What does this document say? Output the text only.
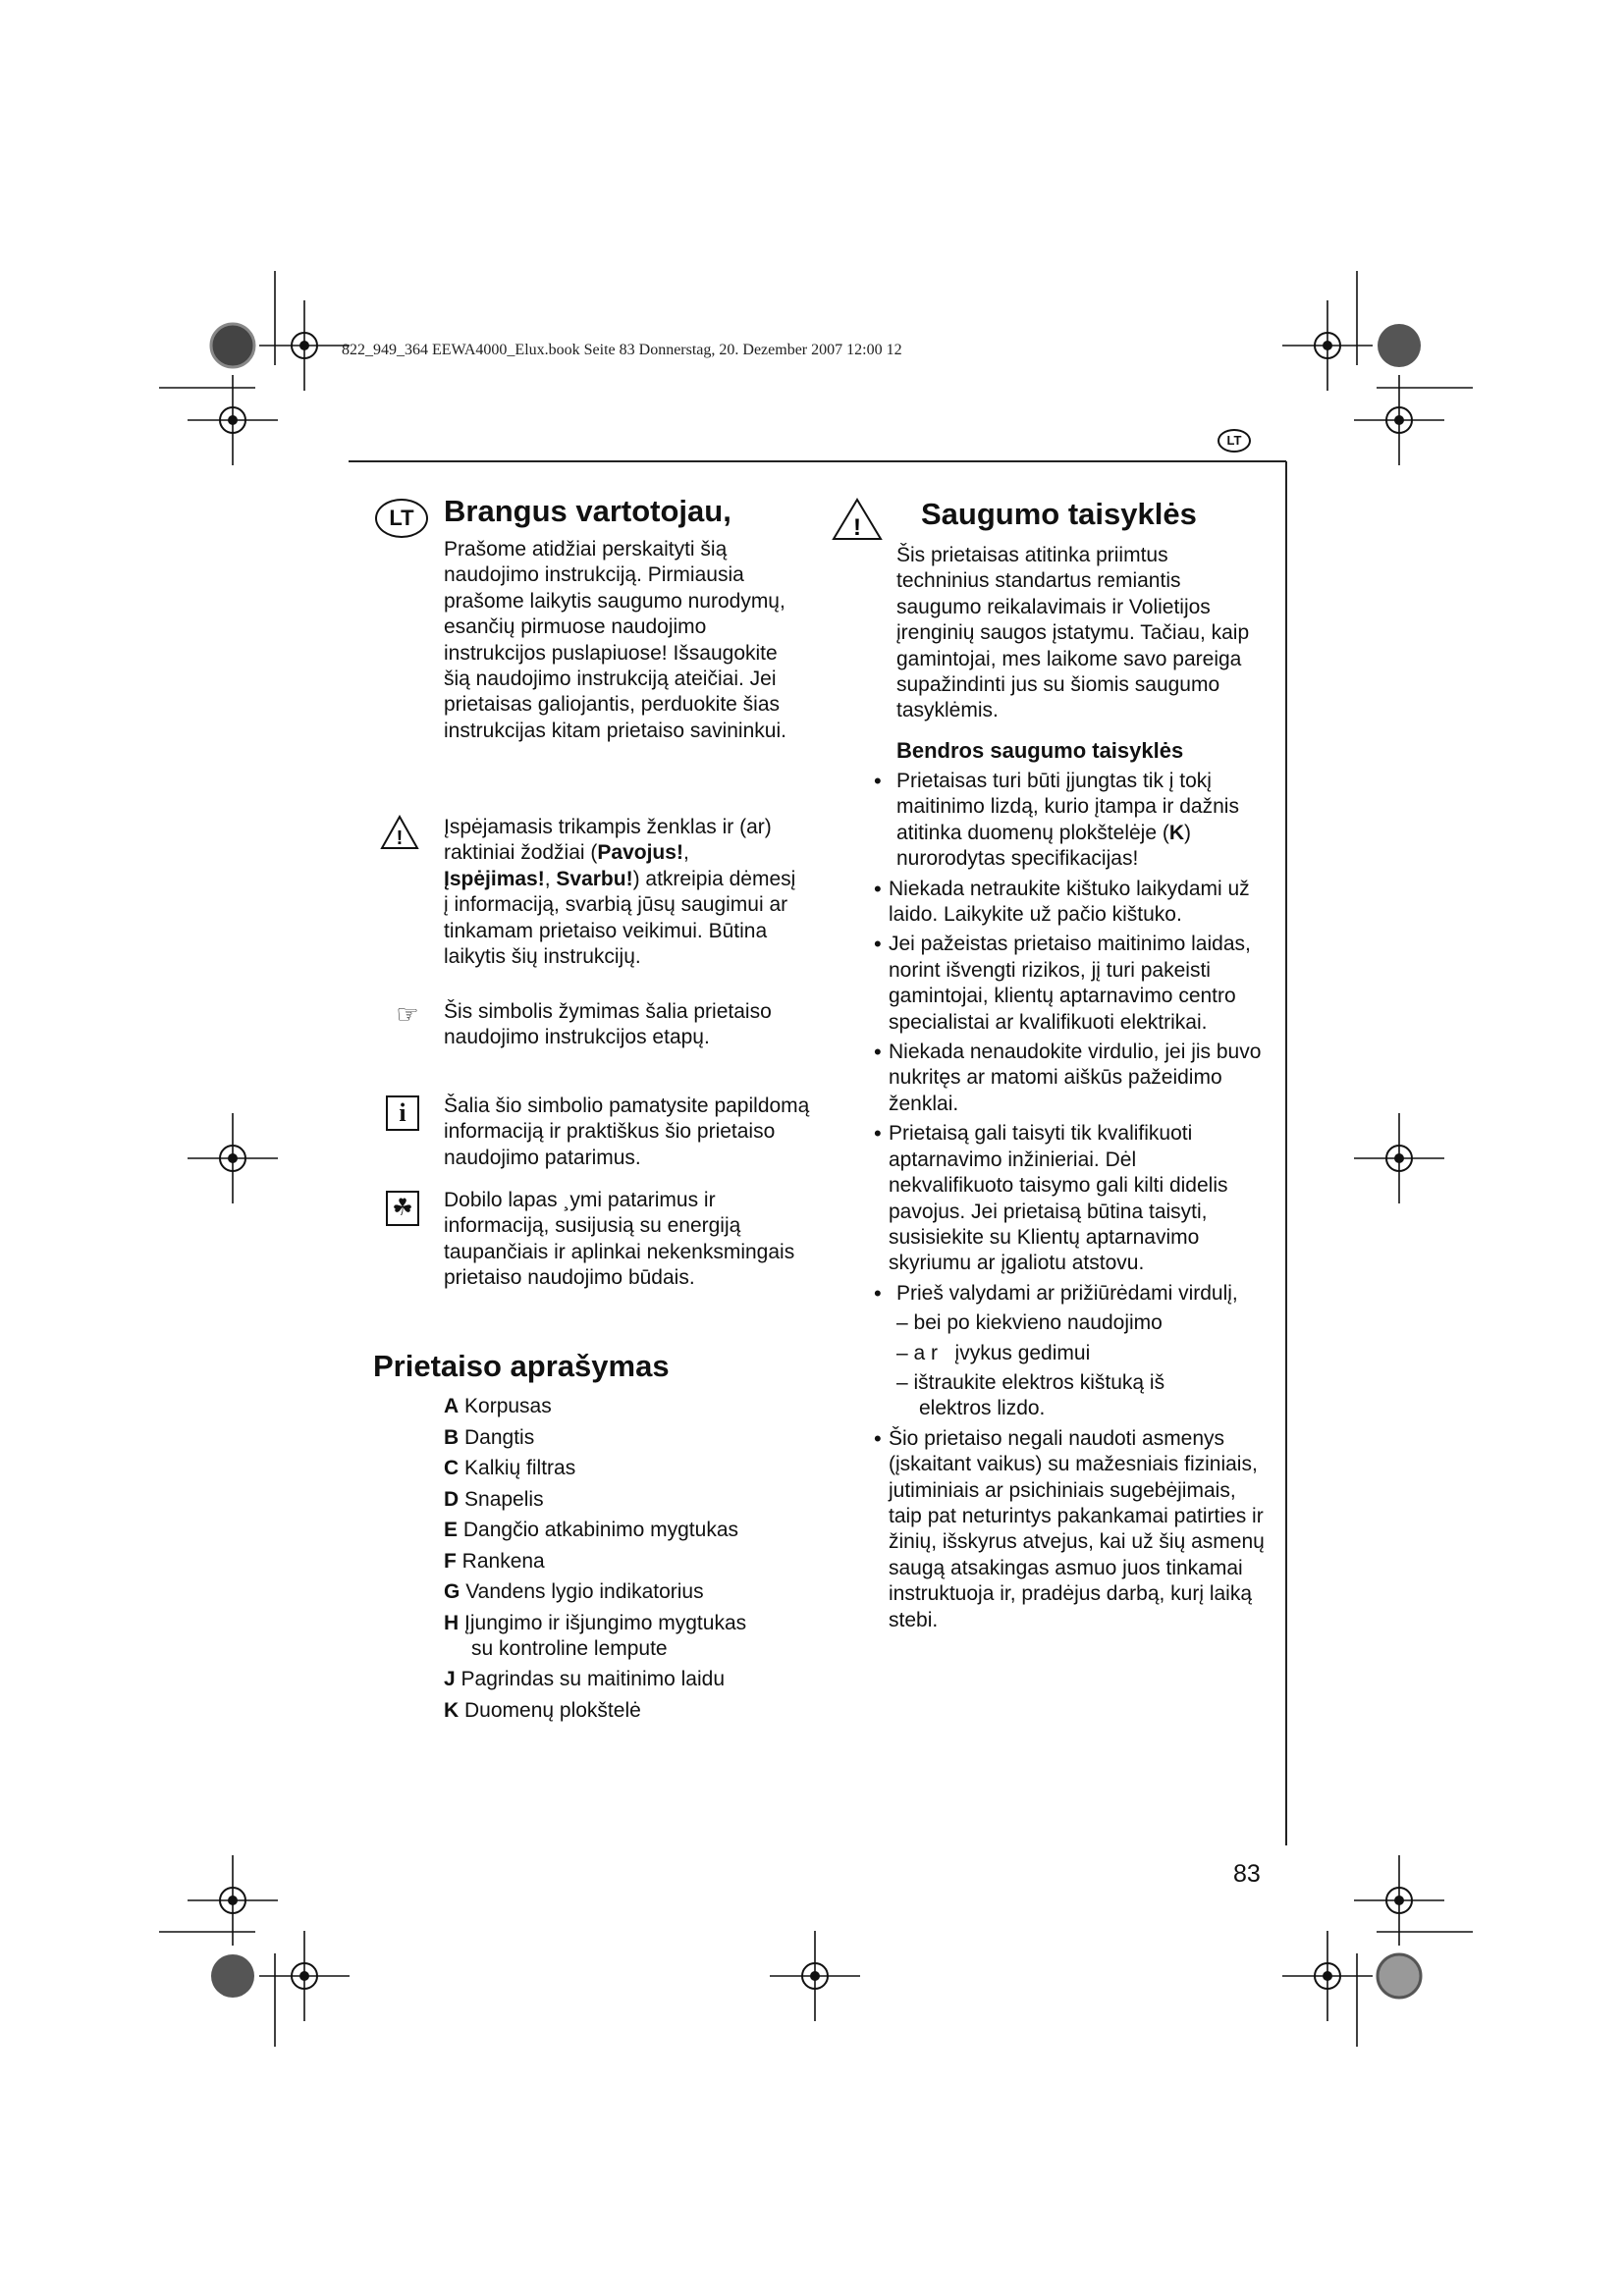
822_949_364 EEWA4000_Elux.book Seite 83 Donnerstag, 20. Dezember 2007 12:00 12
LT
LT Brangus vartotojau,
Prašome atidžiai perskaityti šią naudojimo instrukciją. Pirmiausia prašome laikytis saugumo nurodymų, esančių pirmuose naudojimo instrukcijos puslapiuose! Išsaugokite šią naudojimo instrukciją ateičiai. Jei prietaisas galiojantis, perduokite šias instrukcijas kitam prietaiso savininkui.
! Įspėjamasis trikampis ženklas ir (ar) raktiniai žodžiai (Pavojus!, Įspėjimas!, Svarbu!) atkreipia dėmesį į informaciją, svarbią jūsų saugimui ar tinkamam prietaiso veikimui. Būtina laikytis šių instrukcijų.
☞	Šis simbolis žymimas šalia prietaiso naudojimo instrukcijos etapų.
i	Šalia šio simbolio pamatysite papildomą informaciją ir praktiškus šio prietaiso naudojimo patarimus.
☘ Dobilo lapas ¸ymi patarimus ir informaciją, susijusią su energiją taupančiais ir aplinkai nekenksmingais prietaiso naudojimo būdais.
Prietaiso aprašymas
A Korpusas
B Dangtis
C Kalkių filtras
D Snapelis
E Dangčio atkabinimo mygtukas
F Rankena
G Vandens lygio indikatorius
H Įjungimo ir išjungimo mygtukas
su kontroline lempute
J Pagrindas su maitinimo laidu
K Duomenų plokštelė
! Saugumo taisyklės
Šis prietaisas atitinka priimtus techninius standartus remiantis saugumo reikalavimais ir Volietijos įrenginių saugos įstatymu. Tačiau, kaip gamintojai, mes laikome savo pareiga supažindinti jus su šiomis saugumo tasyklėmis.
Bendros saugumo taisyklės
• Prietaisas turi būti įjungtas tik į tokį maitinimo lizdą, kurio įtampa ir dažnis atitinka duomenų plokštelėje (K) nurorodytas specifikacijas!
• Niekada netraukite kištuko laikydami už laido. Laikykite už pačio kištuko.
• Jei pažeistas prietaiso maitinimo laidas, norint išvengti rizikos, jį turi pakeisti gamintojai, klientų aptarnavimo centro specialistai ar kvalifikuoti elektrikai.
• Niekada nenaudokite virdulio, jei jis buvo nukritęs ar matomi aiškūs pažeidimo ženklai.
• Prietaisą gali taisyti tik kvalifikuoti aptarnavimo inžinieriai. Dėl nekvalifikuoto taisymo gali kilti didelis pavojus. Jei prietaisą būtina taisyti, susisiekite su Klientų aptarnavimo skyriumu ar įgaliotu atstovu.
• Prieš valydami ar prižiūrėdami virdulį,
– bei po kiekvieno naudojimo
– a r   įvykus gedimui
– ištraukite elektros kištuką iš
elektros lizdo.
• Šio prietaiso negali naudoti asmenys (įskaitant vaikus) su mažesniais fiziniais, jutiminiais ar psichiniais sugebėjimais, taip pat neturintys pakankamai patirties ir žinių, išskyrus atvejus, kai už šių asmenų saugą atsakingas asmuo juos tinkamai instruktuoja ir, pradėjus darbą, kurį laiką stebi.
83
